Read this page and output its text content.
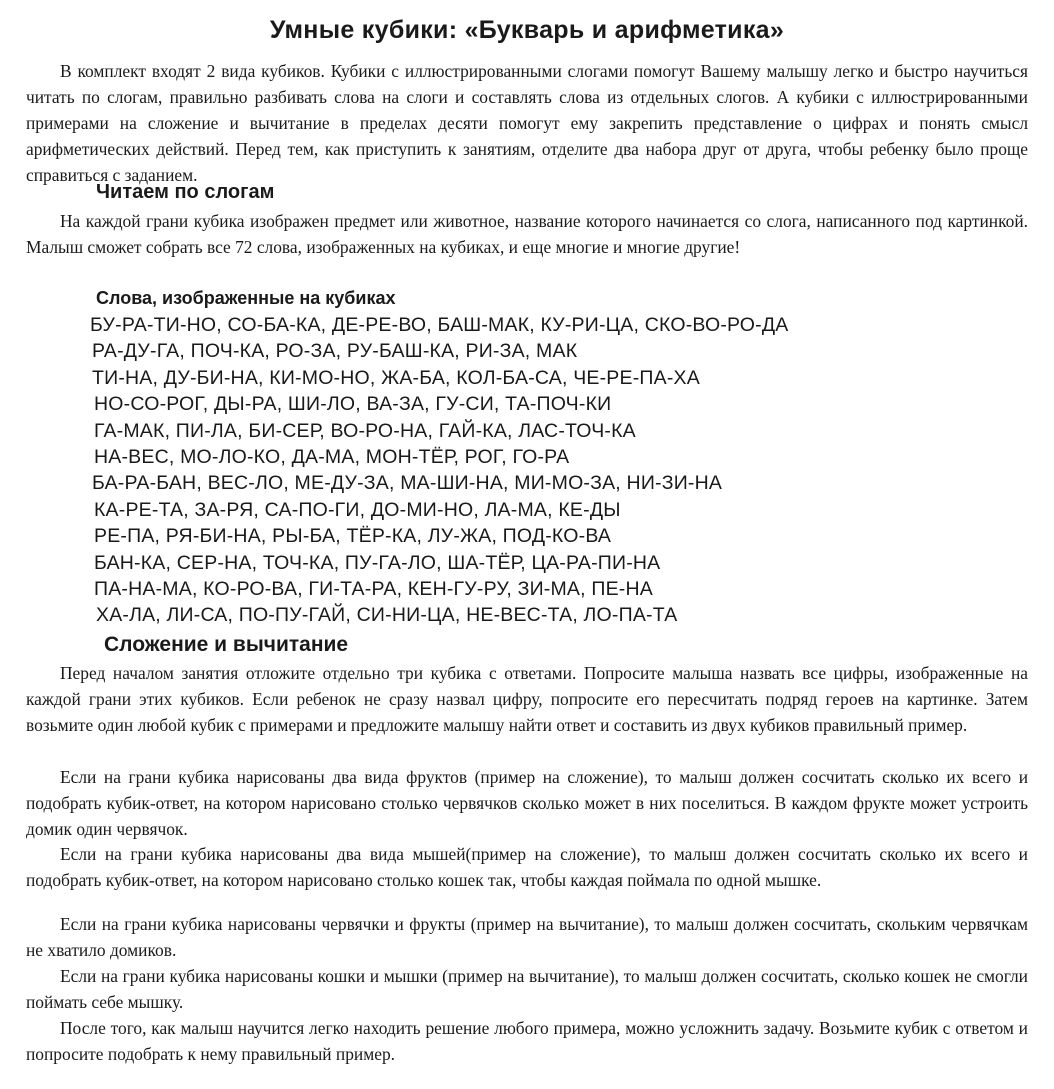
Умные кубики: «Букварь и арифметика»
В комплект входят 2 вида кубиков. Кубики с иллюстрированными слогами помогут Вашему малышу легко и быстро научиться читать по слогам, правильно разбивать слова на слоги и составлять слова из отдельных слогов. А кубики с иллюстрированными примерами на сложение и вычитание в пределах десяти помогут ему закрепить представление о цифрах и понять смысл арифметических действий. Перед тем, как приступить к занятиям, отделите два набора друг от друга, чтобы ребенку было проще справиться с заданием.
Читаем по слогам
На каждой грани кубика изображен предмет или животное, название которого начинается со слога, написанного под картинкой. Малыш сможет собрать все 72 слова, изображенных на кубиках, и еще многие и многие другие!
Слова, изображенные на кубиках
БУ-РА-ТИ-НО, СО-БА-КА, ДЕ-РЕ-ВО, БАШ-МАК, КУ-РИ-ЦА, СКО-ВО-РО-ДА
РА-ДУ-ГА, ПОЧ-КА, РО-ЗА, РУ-БАШ-КА, РИ-ЗА, МАК
ТИ-НА, ДУ-БИ-НА, КИ-МО-НО, ЖА-БА, КОЛ-БА-СА, ЧЕ-РЕ-ПА-ХА
НО-СО-РОГ, ДЫ-РА, ШИ-ЛО, ВА-ЗА, ГУ-СИ, ТА-ПОЧ-КИ
ГА-МАК, ПИ-ЛА, БИ-СЕР, ВО-РО-НА, ГАЙ-КА, ЛАС-ТОЧ-КА
НА-ВЕС, МО-ЛО-КО, ДА-МА, МОН-ТЁР, РОГ, ГО-РА
БА-РА-БАН, ВЕС-ЛО, МЕ-ДУ-ЗА, МА-ШИ-НА, МИ-МО-ЗА, НИ-ЗИ-НА
КА-РЕ-ТА, ЗА-РЯ, СА-ПО-ГИ, ДО-МИ-НО, ЛА-МА, КЕ-ДЫ
РЕ-ПА, РЯ-БИ-НА, РЫ-БА, ТЁР-КА, ЛУ-ЖА, ПОД-КО-ВА
БАН-КА, СЕР-НА, ТОЧ-КА, ПУ-ГА-ЛО, ША-ТЁР, ЦА-РА-ПИ-НА
ПА-НА-МА, КО-РО-ВА, ГИ-ТА-РА, КЕН-ГУ-РУ, ЗИ-МА, ПЕ-НА
ХА-ЛА, ЛИ-СА, ПО-ПУ-ГАЙ, СИ-НИ-ЦА, НЕ-ВЕС-ТА, ЛО-ПА-ТА
Сложение и вычитание
Перед началом занятия отложите отдельно три кубика с ответами. Попросите малыша назвать все цифры, изображенные на каждой грани этих кубиков. Если ребенок не сразу назвал цифру, попросите его пересчитать подряд героев на картинке. Затем возьмите один любой кубик с примерами и предложите малышу найти ответ и составить из двух кубиков правильный пример.
Если на грани кубика нарисованы два вида фруктов (пример на сложение), то малыш должен сосчитать сколько их всего и подобрать кубик-ответ, на котором нарисовано столько червячков сколько может в них поселиться. В каждом фрукте может устроить домик один червячок.
Если на грани кубика нарисованы два вида мышей(пример на сложение), то малыш должен сосчитать сколько их всего и подобрать кубик-ответ, на котором нарисовано столько кошек так, чтобы каждая поймала по одной мышке.
Если на грани кубика нарисованы червячки и фрукты (пример на вычитание), то малыш должен сосчитать, скольким червячкам не хватило домиков.
Если на грани кубика нарисованы кошки и мышки (пример на вычитание), то малыш должен сосчитать, сколько кошек не смогли поймать себе мышку.
После того, как малыш научится легко находить решение любого примера, можно усложнить задачу. Возьмите кубик с ответом и попросите подобрать к нему правильный пример.
